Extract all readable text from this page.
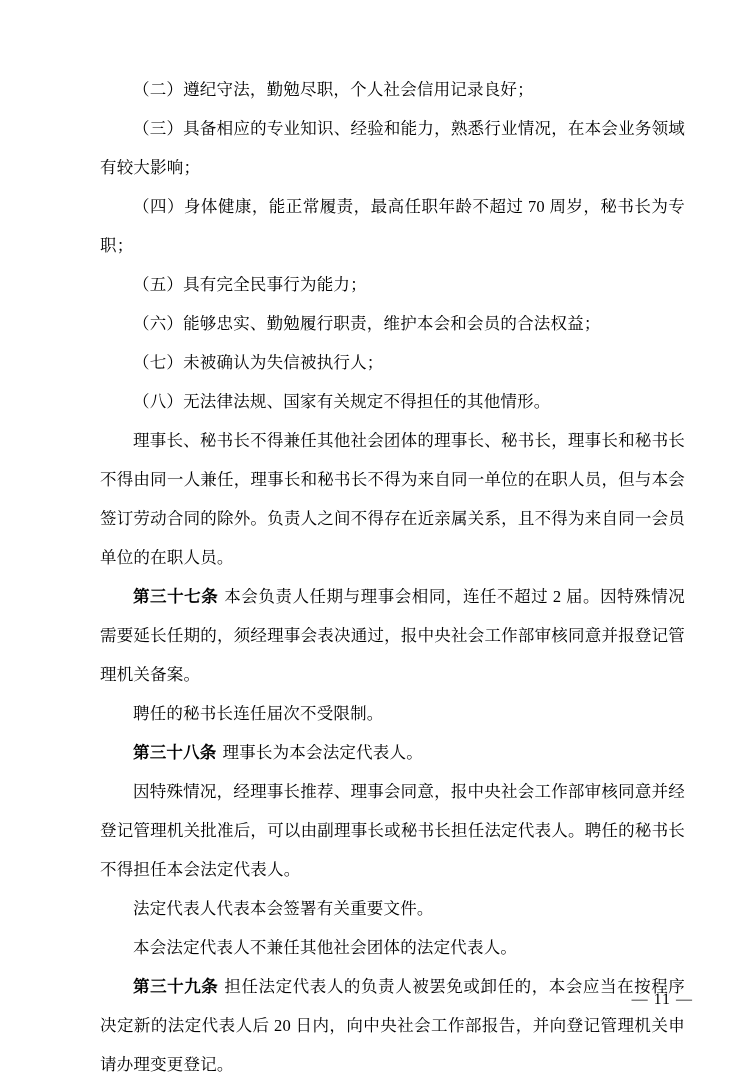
（二）遵纪守法，勤勉尽职，个人社会信用记录良好；

（三）具备相应的专业知识、经验和能力，熟悉行业情况，在本会业务领域有较大影响；

（四）身体健康，能正常履责，最高任职年龄不超过 70 周岁，秘书长为专职；

（五）具有完全民事行为能力；

（六）能够忠实、勤勉履行职责，维护本会和会员的合法权益；

（七）未被确认为失信被执行人；

（八）无法律法规、国家有关规定不得担任的其他情形。

理事长、秘书长不得兼任其他社会团体的理事长、秘书长，理事长和秘书长不得由同一人兼任，理事长和秘书长不得为来自同一单位的在职人员，但与本会签订劳动合同的除外。负责人之间不得存在近亲属关系，且不得为来自同一会员单位的在职人员。

第三十七条 本会负责人任期与理事会相同，连任不超过 2 届。因特殊情况需要延长任期的，须经理事会表决通过，报中央社会工作部审核同意并报登记管理机关备案。

聘任的秘书长连任届次不受限制。

第三十八条 理事长为本会法定代表人。

因特殊情况，经理事长推荐、理事会同意，报中央社会工作部审核同意并经登记管理机关批准后，可以由副理事长或秘书长担任法定代表人。聘任的秘书长不得担任本会法定代表人。

法定代表人代表本会签署有关重要文件。

本会法定代表人不兼任其他社会团体的法定代表人。

第三十九条 担任法定代表人的负责人被罢免或卸任的，本会应当在按程序决定新的法定代表人后 20 日内，向中央社会工作部报告，并向登记管理机关申请办理变更登记。

— 11 —
